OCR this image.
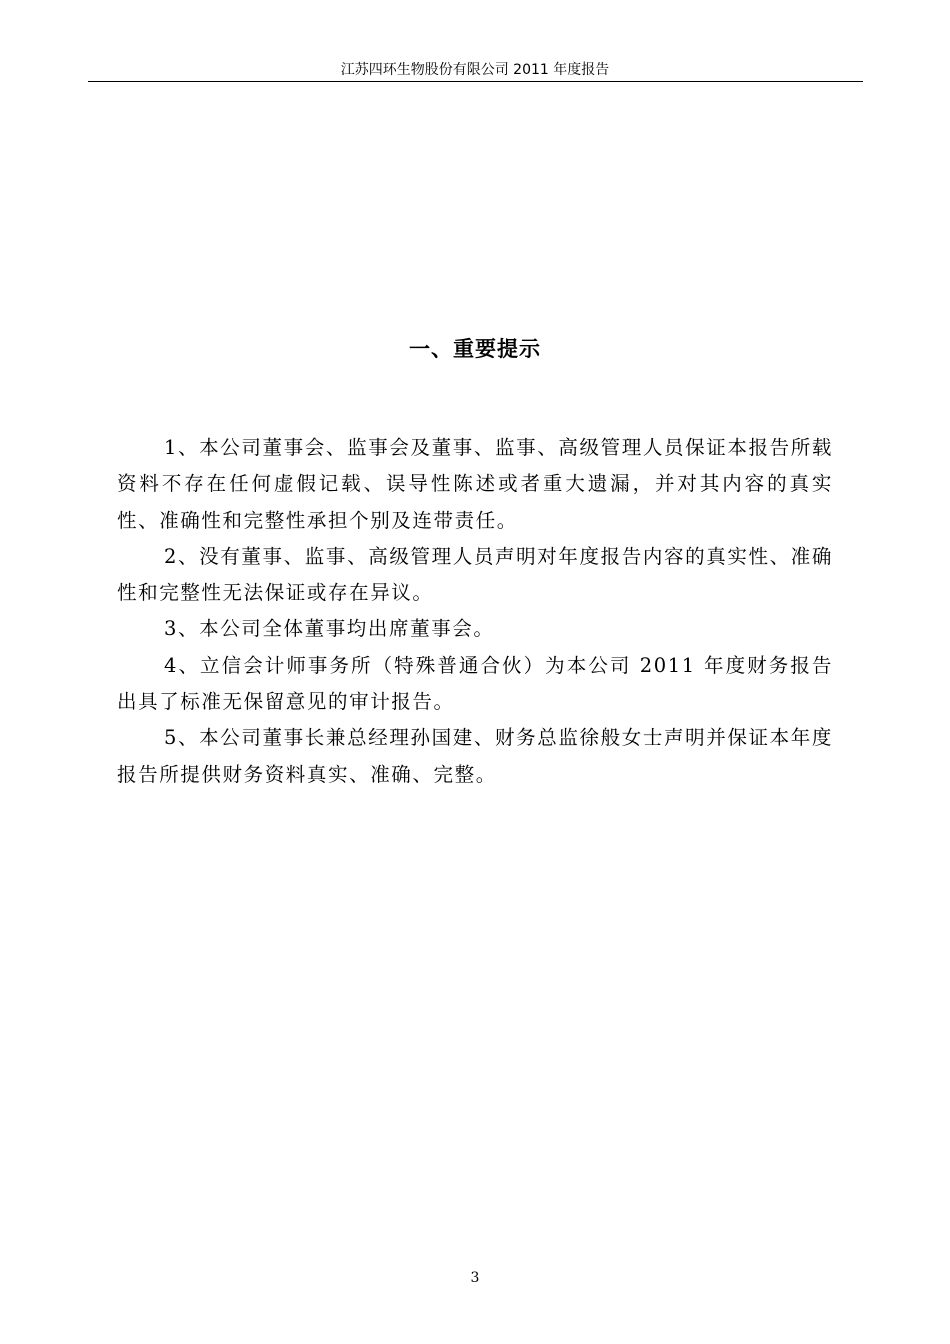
江苏四环生物股份有限公司 2011 年度报告
一、重要提示

1、本公司董事会、监事会及董事、监事、高级管理人员保证本报告所载资料不存在任何虚假记载、误导性陈述或者重大遗漏，并对其内容的真实性、准确性和完整性承担个别及连带责任。

2、没有董事、监事、高级管理人员声明对年度报告内容的真实性、准确性和完整性无法保证或存在异议。

3、本公司全体董事均出席董事会。

4、立信会计师事务所（特殊普通合伙）为本公司 2011 年度财务报告出具了标准无保留意见的审计报告。

5、本公司董事长兼总经理孙国建、财务总监徐般女士声明并保证本年度报告所提供财务资料真实、准确、完整。

3
